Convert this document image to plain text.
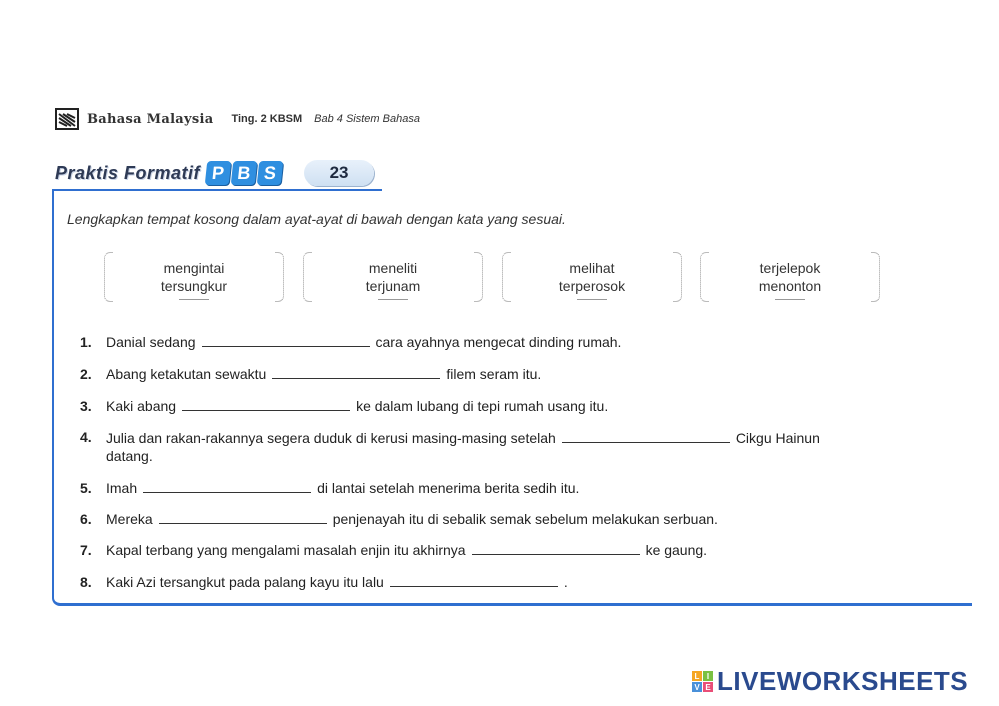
Bahasa Malaysia Ting. 2 KBSM Bab 4 Sistem Bahasa
Praktis Formatif P B S	23
Lengkapkan tempat kosong dalam ayat-ayat di bawah dengan kata yang sesuai.
mengintai
tersungkur
meneliti
terjunam
melihat
terperosok
terjelepok
menonton
1.	Danial sedang	cara ayahnya mengecat dinding rumah.
2.	Abang ketakutan sewaktu	filem seram itu.
3.	Kaki abang	ke dalam lubang di tepi rumah usang itu.
4.	Julia dan rakan-rakannya segera duduk di kerusi masing-masing setelah	Cikgu Hainun
datang.
5.	Imah	di lantai setelah menerima berita sedih itu.
6.	Mereka	penjenayah itu di sebalik semak sebelum melakukan serbuan.
7.	Kapal terbang yang mengalami masalah enjin itu akhirnya	ke gaung.
8.	Kaki Azi tersangkut pada palang kayu itu lalu	.
L I
V E LIVEWORKSHEETS
